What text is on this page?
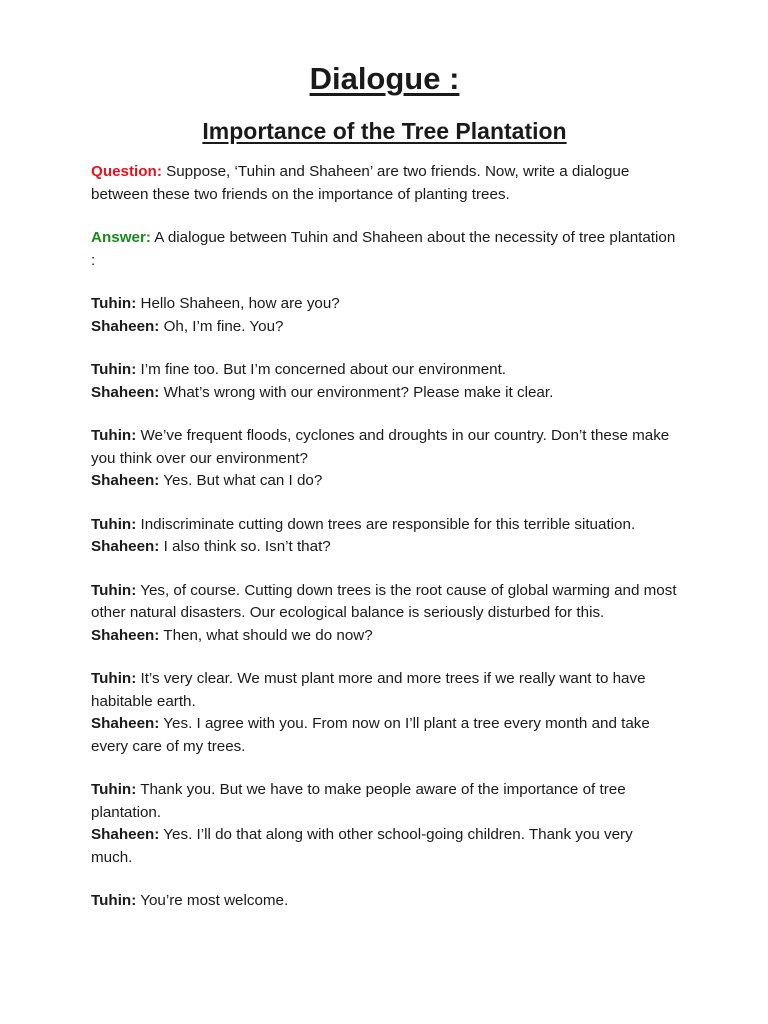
Dialogue :
Importance of the Tree Plantation

Question: Suppose, ‘Tuhin and Shaheen’ are two friends. Now, write a dialogue between these two friends on the importance of planting trees.

Answer: A dialogue between Tuhin and Shaheen about the necessity of tree plantation :

Tuhin: Hello Shaheen, how are you?

Shaheen: Oh, I’m fine. You?

Tuhin: I’m fine too. But I’m concerned about our environment.

Shaheen: What’s wrong with our environment? Please make it clear.

Tuhin: We’ve frequent floods, cyclones and droughts in our country. Don’t these make you think over our environment?

Shaheen: Yes. But what can I do?

Tuhin: Indiscriminate cutting down trees are responsible for this terrible situation.

Shaheen: I also think so. Isn’t that?

Tuhin: Yes, of course. Cutting down trees is the root cause of global warming and most other natural disasters. Our ecological balance is seriously disturbed for this.

Shaheen: Then, what should we do now?

Tuhin: It’s very clear. We must plant more and more trees if we really want to have habitable earth.

Shaheen: Yes. I agree with you. From now on I’ll plant a tree every month and take every care of my trees.

Tuhin: Thank you. But we have to make people aware of the importance of tree plantation.

Shaheen: Yes. I’ll do that along with other school-going children. Thank you very much.

Tuhin: You’re most welcome.
